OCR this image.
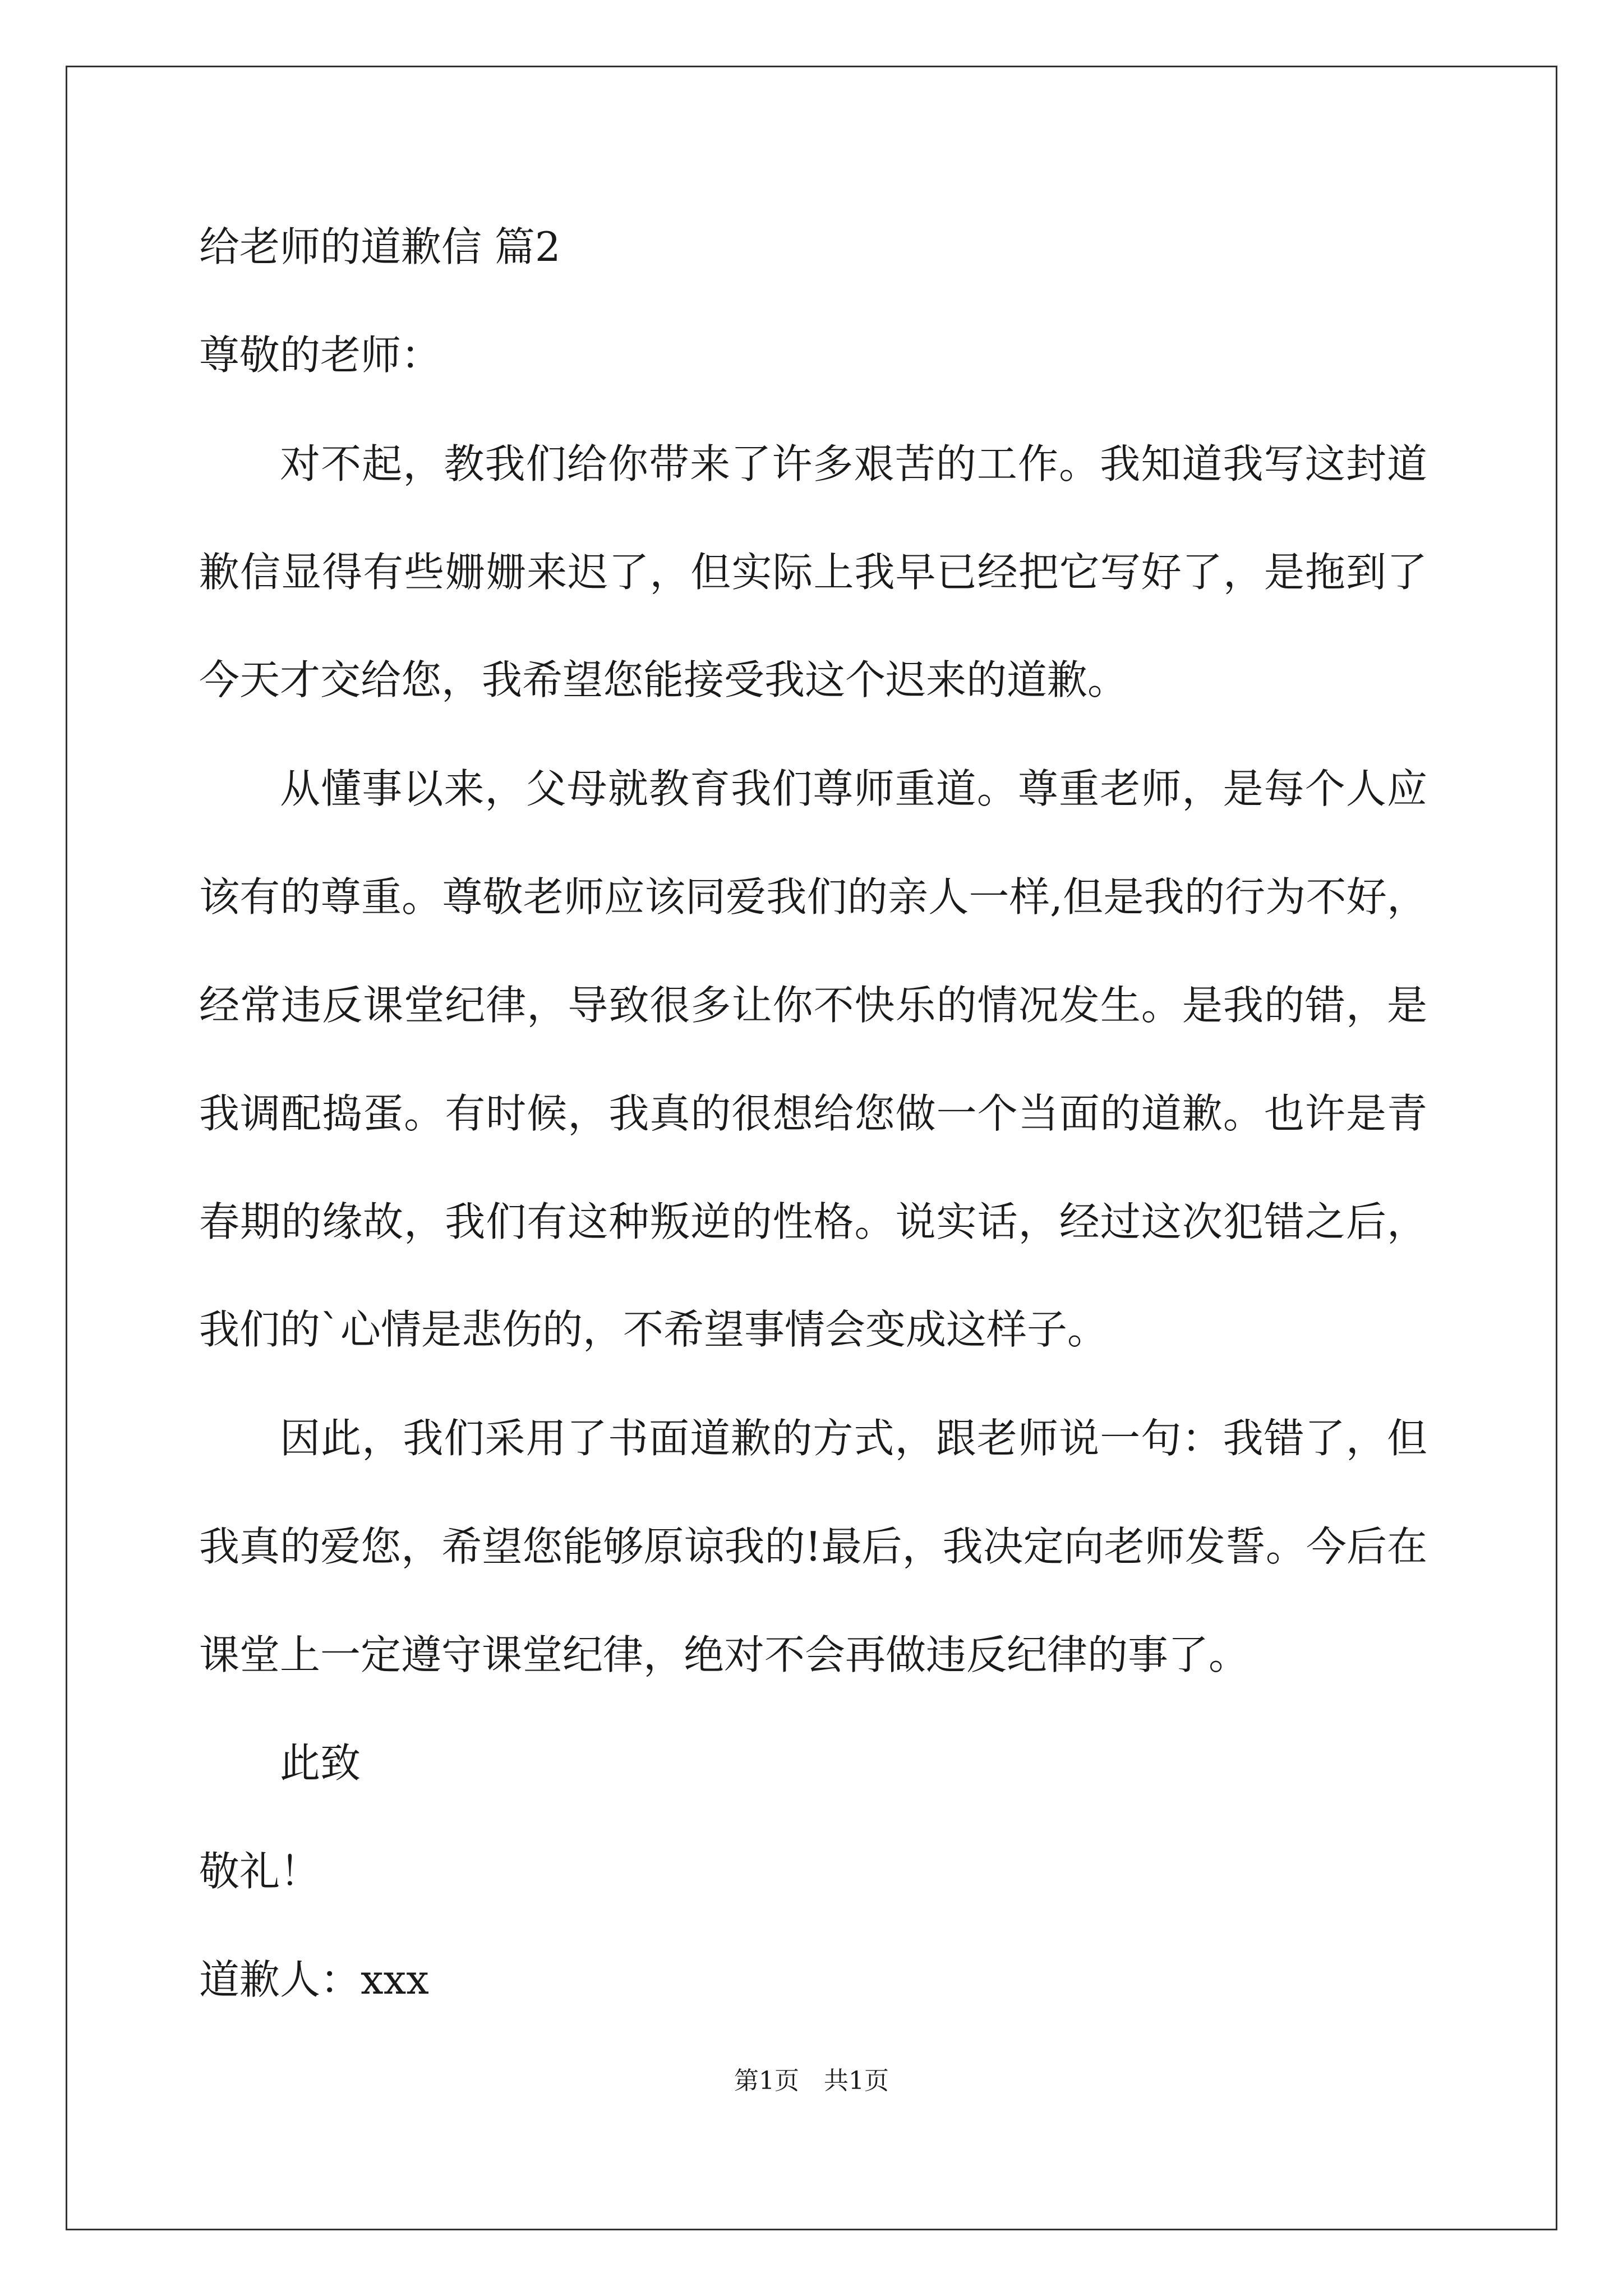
给老师的道歉信 篇2
尊敬的老师：
对不起，教我们给你带来了许多艰苦的工作。我知道我写这封道
歉信显得有些姗姗来迟了，但实际上我早已经把它写好了，是拖到了
今天才交给您，我希望您能接受我这个迟来的道歉。
从懂事以来，父母就教育我们尊师重道。尊重老师，是每个人应
该有的尊重。尊敬老师应该同爱我们的亲人一样,但是我的行为不好，
经常违反课堂纪律，导致很多让你不快乐的情况发生。是我的错，是
我调配捣蛋。有时候，我真的很想给您做一个当面的道歉。也许是青
春期的缘故，我们有这种叛逆的性格。说实话，经过这次犯错之后，
我们的`心情是悲伤的，不希望事情会变成这样子。
因此，我们采用了书面道歉的方式，跟老师说一句：我错了，但
我真的爱您，希望您能够原谅我的!最后，我决定向老师发誓。今后在
课堂上一定遵守课堂纪律，绝对不会再做违反纪律的事了。
此致
敬礼！
道歉人：xxx
第1页　共1页
